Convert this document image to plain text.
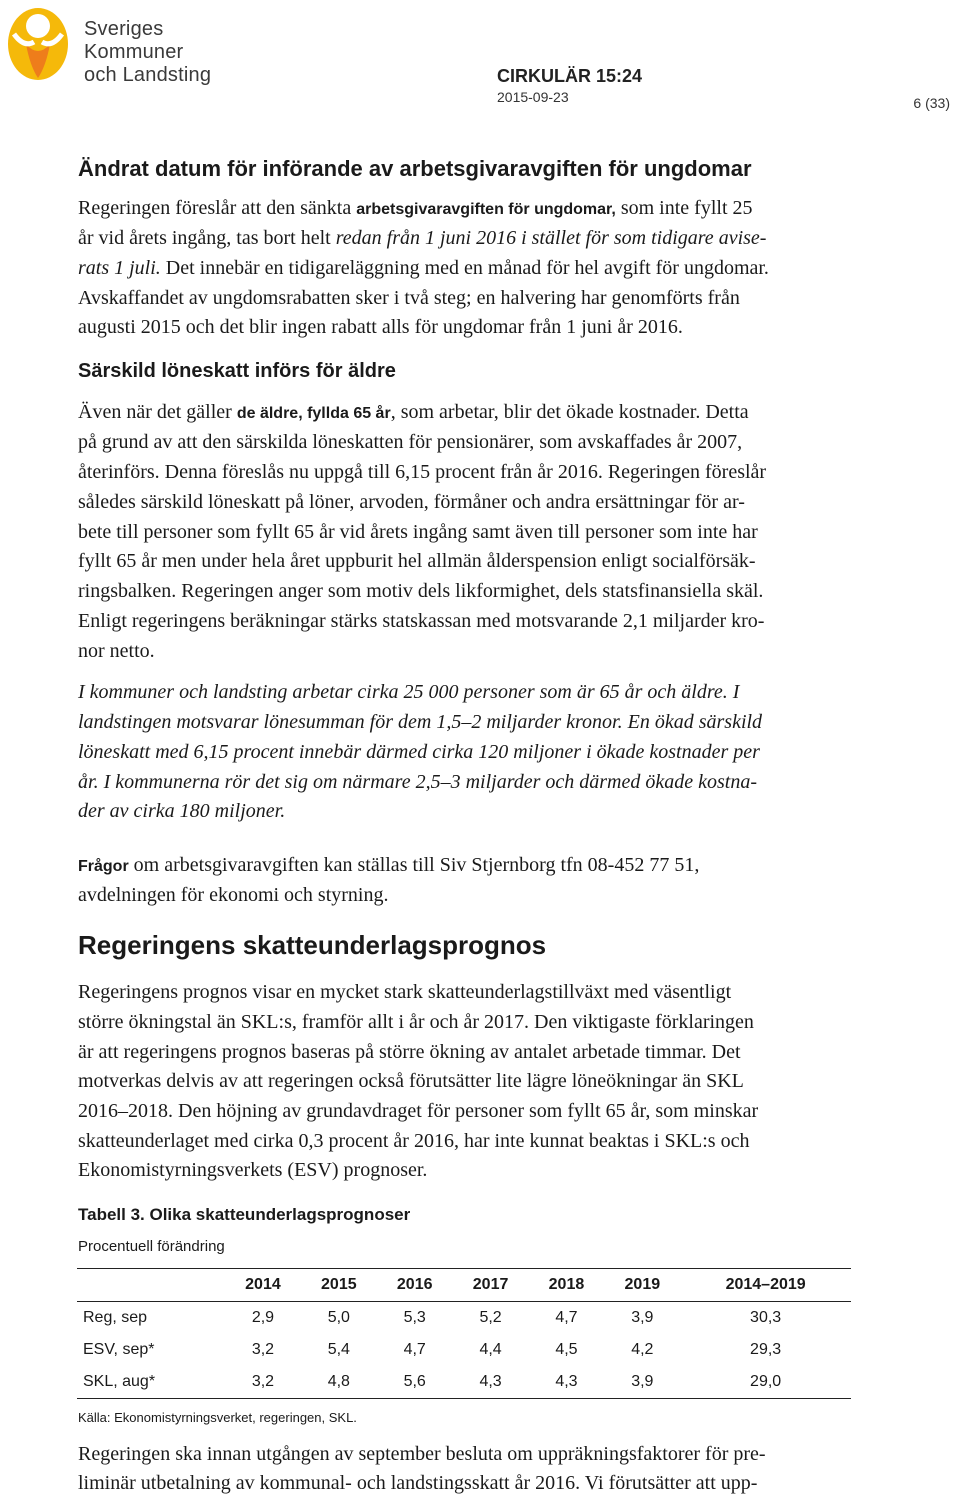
Sveriges
Kommuner
och Landsting	CIRKULÄR 15:24
2015-09-23	6 (33)
Ändrat datum för införande av arbetsgivaravgiften för ungdomar
Regeringen föreslår att den sänkta arbetsgivaravgiften för ungdomar, som inte fyllt 25
år vid årets ingång, tas bort helt redan från 1 juni 2016 i stället för som tidigare avise-
rats 1 juli. Det innebär en tidigareläggning med en månad för hel avgift för ungdomar.
Avskaffandet av ungdomsrabatten sker i två steg; en halvering har genomförts från
augusti 2015 och det blir ingen rabatt alls för ungdomar från 1 juni år 2016.
Särskild löneskatt införs för äldre
Även när det gäller de äldre, fyllda 65 år, som arbetar, blir det ökade kostnader. Detta
på grund av att den särskilda löneskatten för pensionärer, som avskaffades år 2007,
återinförs. Denna föreslås nu uppgå till 6,15 procent från år 2016. Regeringen föreslår
således särskild löneskatt på löner, arvoden, förmåner och andra ersättningar för ar-
bete till personer som fyllt 65 år vid årets ingång samt även till personer som inte har
fyllt 65 år men under hela året uppburit hel allmän ålderspension enligt socialförsäk-
ringsbalken. Regeringen anger som motiv dels likformighet, dels statsfinansiella skäl.
Enligt regeringens beräkningar stärks statskassan med motsvarande 2,1 miljarder kro-
nor netto.
I kommuner och landsting arbetar cirka 25 000 personer som är 65 år och äldre. I
landstingen motsvarar lönesumman för dem 1,5–2 miljarder kronor. En ökad särskild
löneskatt med 6,15 procent innebär därmed cirka 120 miljoner i ökade kostnader per
år. I kommunerna rör det sig om närmare 2,5–3 miljarder och därmed ökade kostna-
der av cirka 180 miljoner.
Frågor om arbetsgivaravgiften kan ställas till Siv Stjernborg tfn 08-452 77 51,
avdelningen för ekonomi och styrning.
Regeringens skatteunderlagsprognos
Regeringens prognos visar en mycket stark skatteunderlagstillväxt med väsentligt
större ökningstal än SKL:s, framför allt i år och år 2017. Den viktigaste förklaringen
är att regeringens prognos baseras på större ökning av antalet arbetade timmar. Det
motverkas delvis av att regeringen också förutsätter lite lägre löneökningar än SKL
2016–2018. Den höjning av grundavdraget för personer som fyllt 65 år, som minskar
skatteunderlaget med cirka 0,3 procent år 2016, har inte kunnat beaktas i SKL:s och
Ekonomistyrningsverkets (ESV) prognoser.
Tabell 3. Olika skatteunderlagsprognoser
Procentuell förändring
	2014	2015	2016	2017	2018	2019	2014–2019
Reg, sep	2,9	5,0	5,3	5,2	4,7	3,9	30,3
ESV, sep*	3,2	5,4	4,7	4,4	4,5	4,2	29,3
SKL, aug*	3,2	4,8	5,6	4,3	4,3	3,9	29,0
Källa: Ekonomistyrningsverket, regeringen, SKL.
Regeringen ska innan utgången av september besluta om uppräkningsfaktorer för pre-
liminär utbetalning av kommunal- och landstingsskatt år 2016. Vi förutsätter att upp-
